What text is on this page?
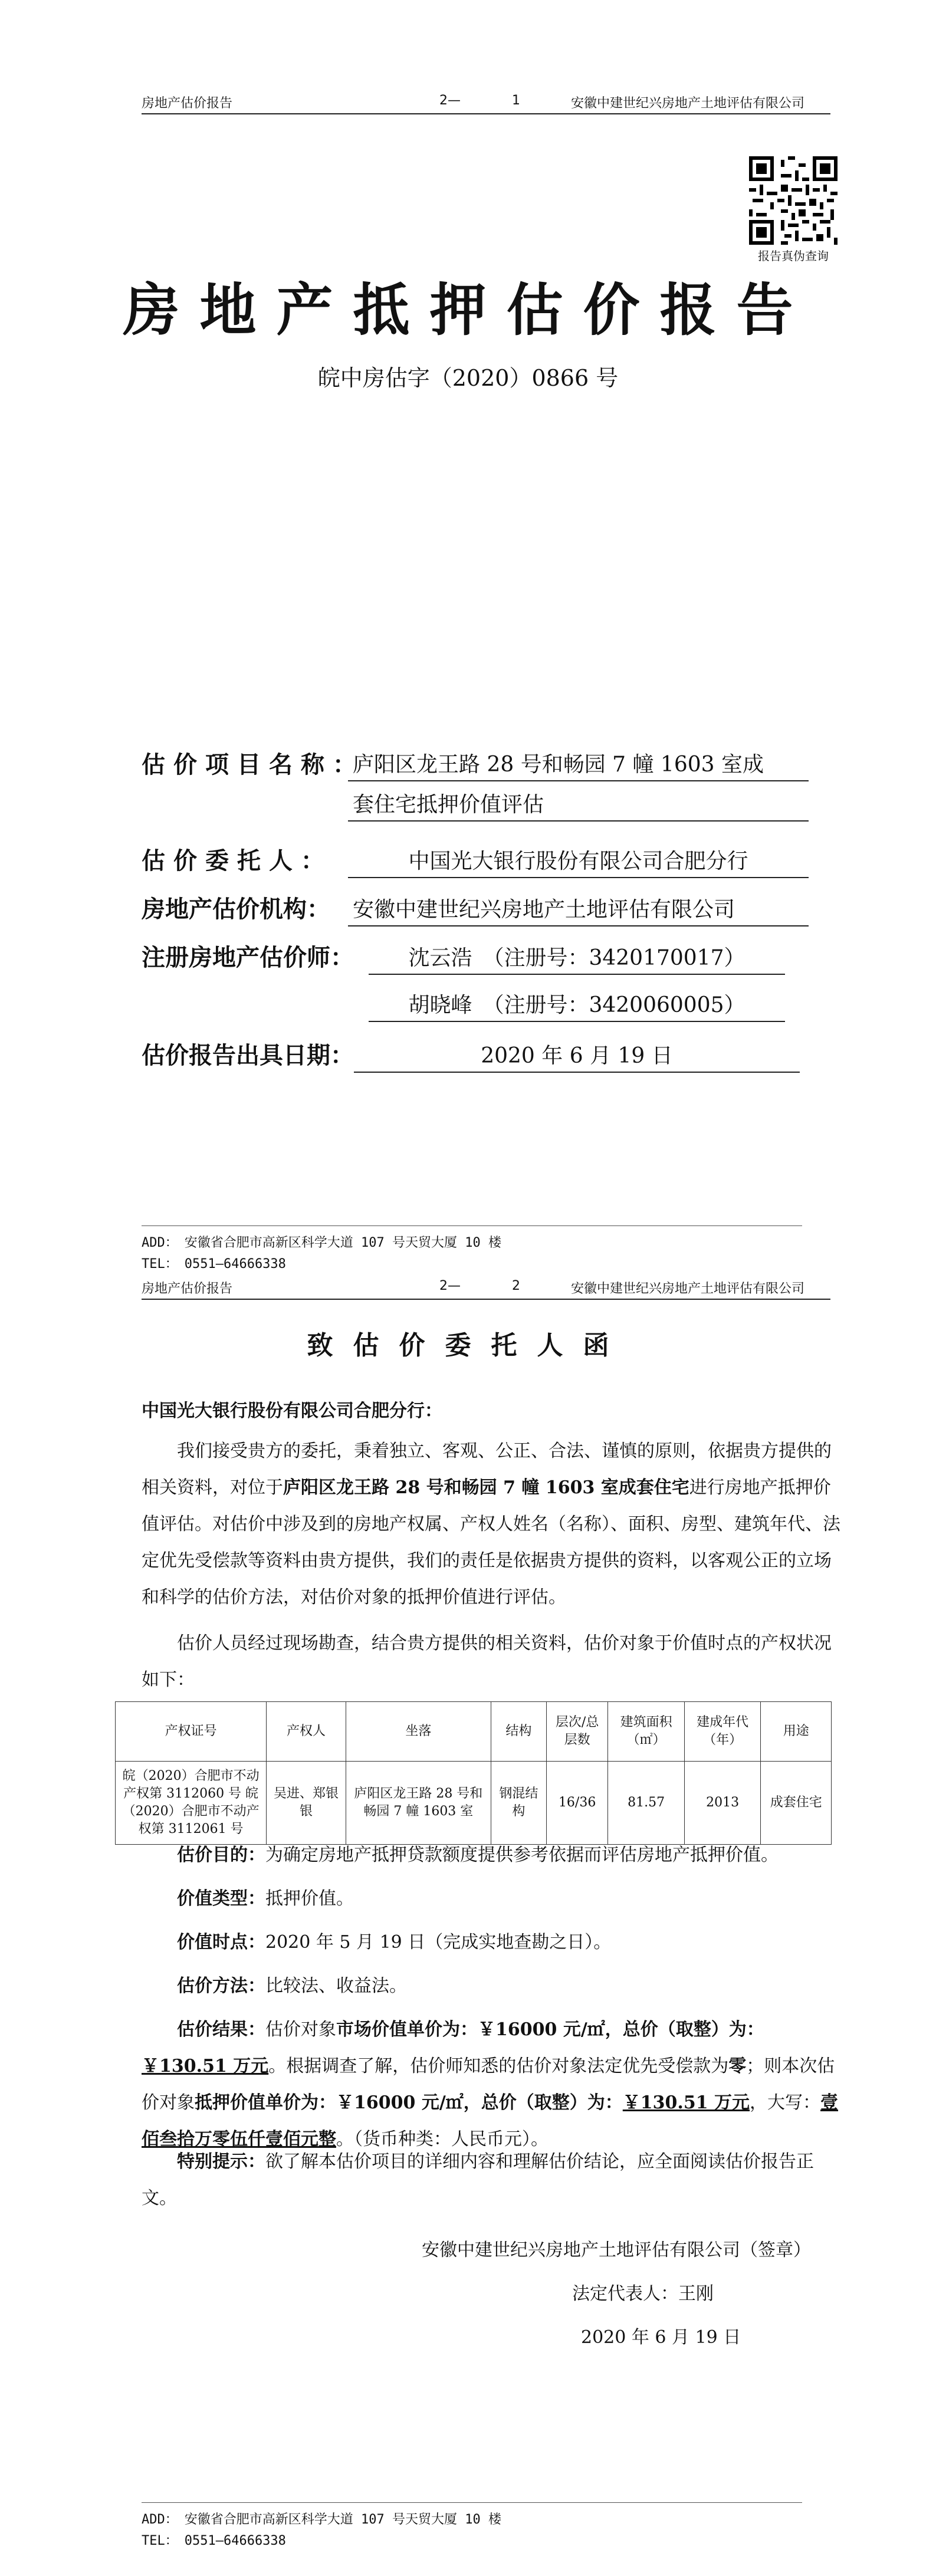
房地产估价报告	2—	1	安徽中建世纪兴房地产土地评估有限公司
报告真伪查询
房地产抵押估价报告
皖中房估字（2020）0866 号
估价项目名称：
庐阳区龙王路 28 号和畅园 7 幢 1603 室成
套住宅抵押价值评估
估价委托人：	中国光大银行股份有限公司合肥分行
房地产估价机构： 安徽中建世纪兴房地产土地评估有限公司
注册房地产估价师：	沈云浩　（注册号：3420170017）
胡晓峰　（注册号：3420060005）
估价报告出具日期：	2020 年 6 月 19 日
ADD：　安徽省合肥市高新区科学大道 107 号天贸大厦 10 楼
TEL：　0551—64666338
房地产估价报告	2—	2	安徽中建世纪兴房地产土地评估有限公司
致估价委托人函
中国光大银行股份有限公司合肥分行：
我们接受贵方的委托，秉着独立、客观、公正、合法、谨慎的原则，依据贵方提供的相关资料，对位于庐阳区龙王路 28 号和畅园 7 幢 1603 室成套住宅进行房地产抵押价值评估。对估价中涉及到的房地产权属、产权人姓名（名称）、面积、房型、建筑年代、法定优先受偿款等资料由贵方提供，我们的责任是依据贵方提供的资料，以客观公正的立场和科学的估价方法，对估价对象的抵押价值进行评估。
估价人员经过现场勘查，结合贵方提供的相关资料，估价对象于价值时点的产权状况如下：
产权证号	产权人	坐落	结构	层次/总层数	建筑面积（㎡）	建成年代（年）	用途
皖（2020）合肥市不动产权第 3112060 号 皖（2020）合肥市不动产权第 3112061 号	吴进、郑银银	庐阳区龙王路 28 号和畅园 7 幢 1603 室	钢混结构	16/36	81.57	2013	成套住宅
估价目的：为确定房地产抵押贷款额度提供参考依据而评估房地产抵押价值。
价值类型：抵押价值。
价值时点：2020 年 5 月 19 日（完成实地查勘之日）。
估价方法：比较法、收益法。
估价结果：估价对象市场价值单价为：￥16000 元/㎡，总价（取整）为：￥130.51 万元。根据调查了解，估价师知悉的估价对象法定优先受偿款为零；则本次估价对象抵押价值单价为：￥16000 元/㎡，总价（取整）为：￥130.51 万元，大写：壹佰叁拾万零伍仟壹佰元整。（货币种类：人民币元）。
特别提示：欲了解本估价项目的详细内容和理解估价结论，应全面阅读估价报告正文。
安徽中建世纪兴房地产土地评估有限公司（签章）
法定代表人：王刚
2020 年 6 月 19 日
ADD：　安徽省合肥市高新区科学大道 107 号天贸大厦 10 楼
TEL：　0551—64666338
